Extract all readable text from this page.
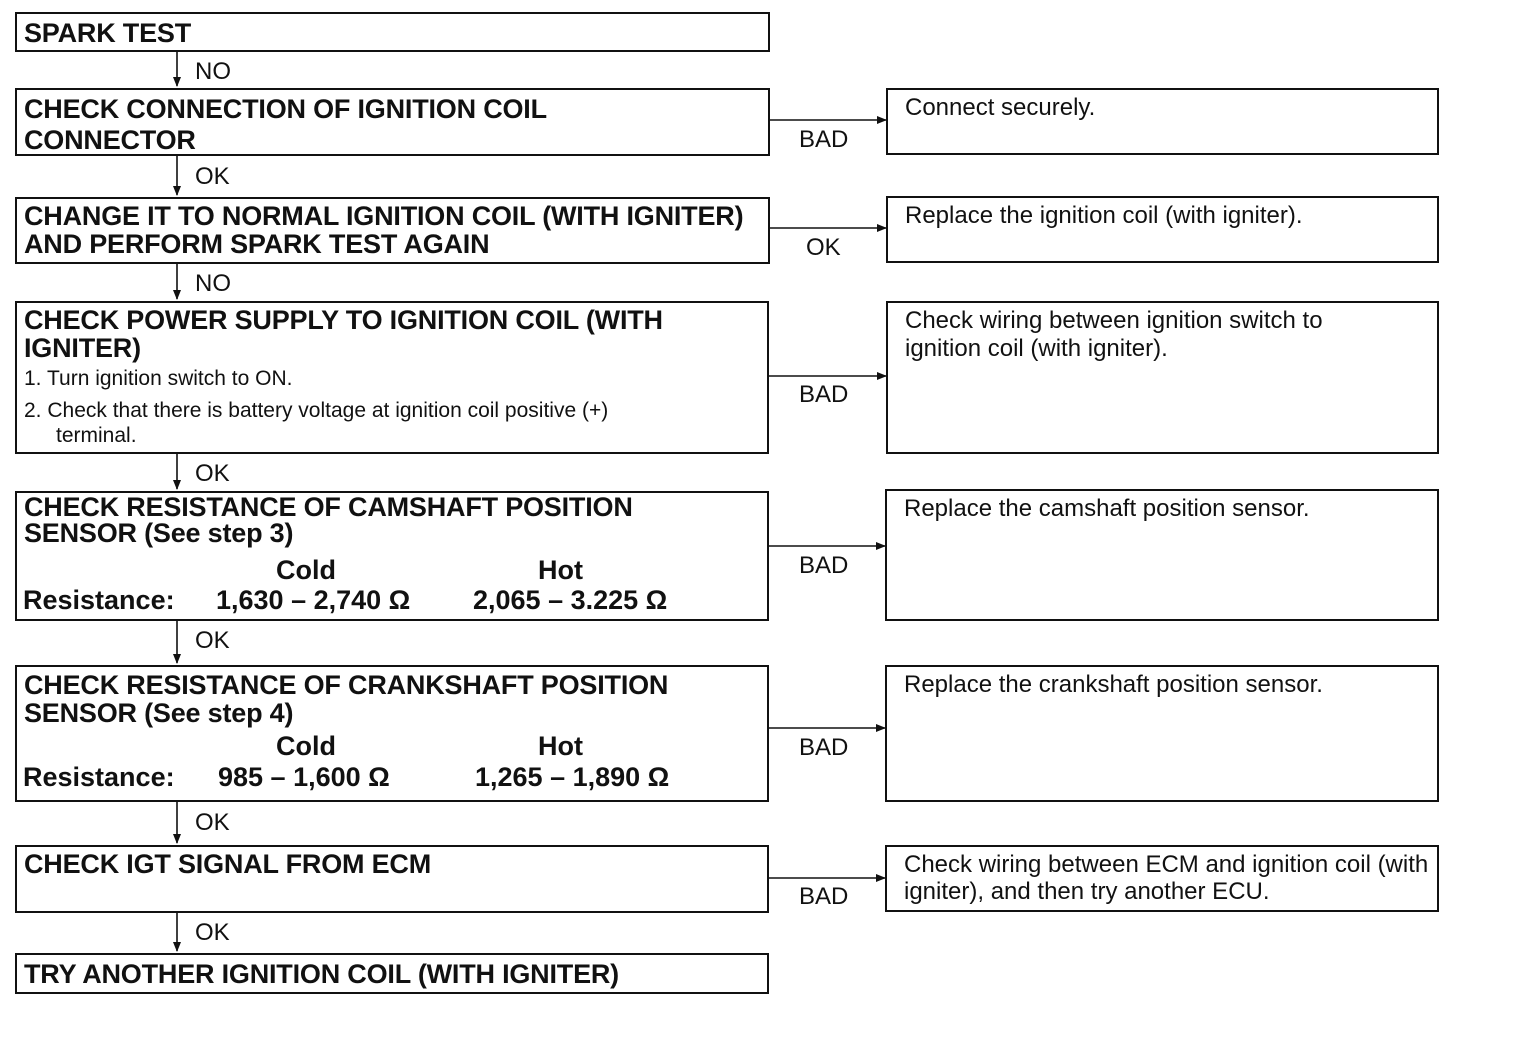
SPARK TEST
CHECK CONNECTION OF IGNITION COIL CONNECTOR
CHANGE IT TO NORMAL IGNITION COIL (WITH IGNITER) AND PERFORM SPARK TEST AGAIN
CHECK POWER SUPPLY TO IGNITION COIL (WITH IGNITER)
1. Turn ignition switch to ON.
2. Check that there is battery voltage at ignition coil positive (+)
terminal.
CHECK RESISTANCE OF CAMSHAFT POSITION SENSOR (See step 3)
Cold	Hot
Resistance: 1,630 – 2,740 Ω 2,065 – 3.225 Ω
CHECK RESISTANCE OF CRANKSHAFT POSITION SENSOR (See step 4)
Cold	Hot
Resistance: 985 – 1,600 Ω	1,265 – 1,890 Ω
CHECK IGT SIGNAL FROM ECM
TRY ANOTHER IGNITION COIL (WITH IGNITER)
Connect securely.
Replace the ignition coil (with igniter).
Check wiring between ignition switch to ignition coil (with igniter).
Replace the camshaft position sensor.
Replace the crankshaft position sensor.
Check wiring between ECM and ignition coil (with igniter), and then try another ECU.
NO
OK
NO
OK
OK
OK
OK
BAD
OK
BAD
BAD
BAD
BAD
